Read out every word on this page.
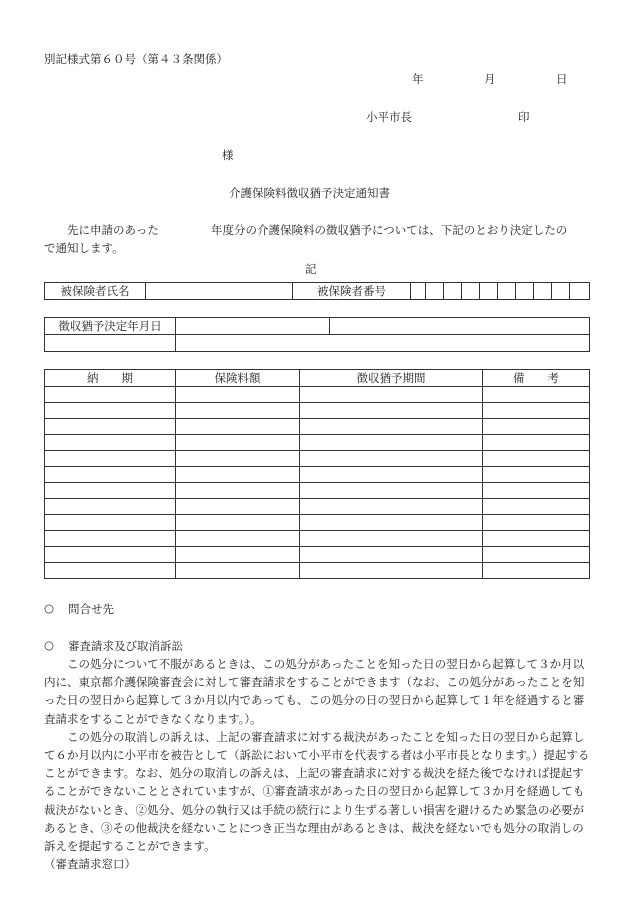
別記様式第６０号（第４３条関係）
年	月	日
小平市長	印
様
介護保険料徴収猶予決定通知書
先に申請のあった	年度分の介護保険料の徴収猶予については、下記のとおり決定したの
で通知します。
記
被保険者氏名		被保険者番号										
徴収猶予決定年月日		

納　　期	保険料額	徴収猶予期間	備　　考

○ 問合せ先
○ 審査請求及び取消訴訟

この処分について不服があるときは、この処分があったことを知った日の翌日から起算して３か月以内に、東京都介護保険審査会に対して審査請求をすることができます（なお、この処分があったことを知った日の翌日から起算して３か月以内であっても、この処分の日の翌日から起算して１年を経過すると審査請求をすることができなくなります。）。

この処分の取消しの訴えは、上記の審査請求に対する裁決があったことを知った日の翌日から起算して６か月以内に小平市を被告として（訴訟において小平市を代表する者は小平市長となります。）提起することができます。なお、処分の取消しの訴えは、上記の審査請求に対する裁決を経た後でなければ提起することができないこととされていますが、①審査請求があった日の翌日から起算して３か月を経過しても裁決がないとき、②処分、処分の執行又は手続の続行により生ずる著しい損害を避けるため緊急の必要があるとき、③その他裁決を経ないことにつき正当な理由があるときは、裁決を経ないでも処分の取消しの訴えを提起することができます。

（審査請求窓口）
